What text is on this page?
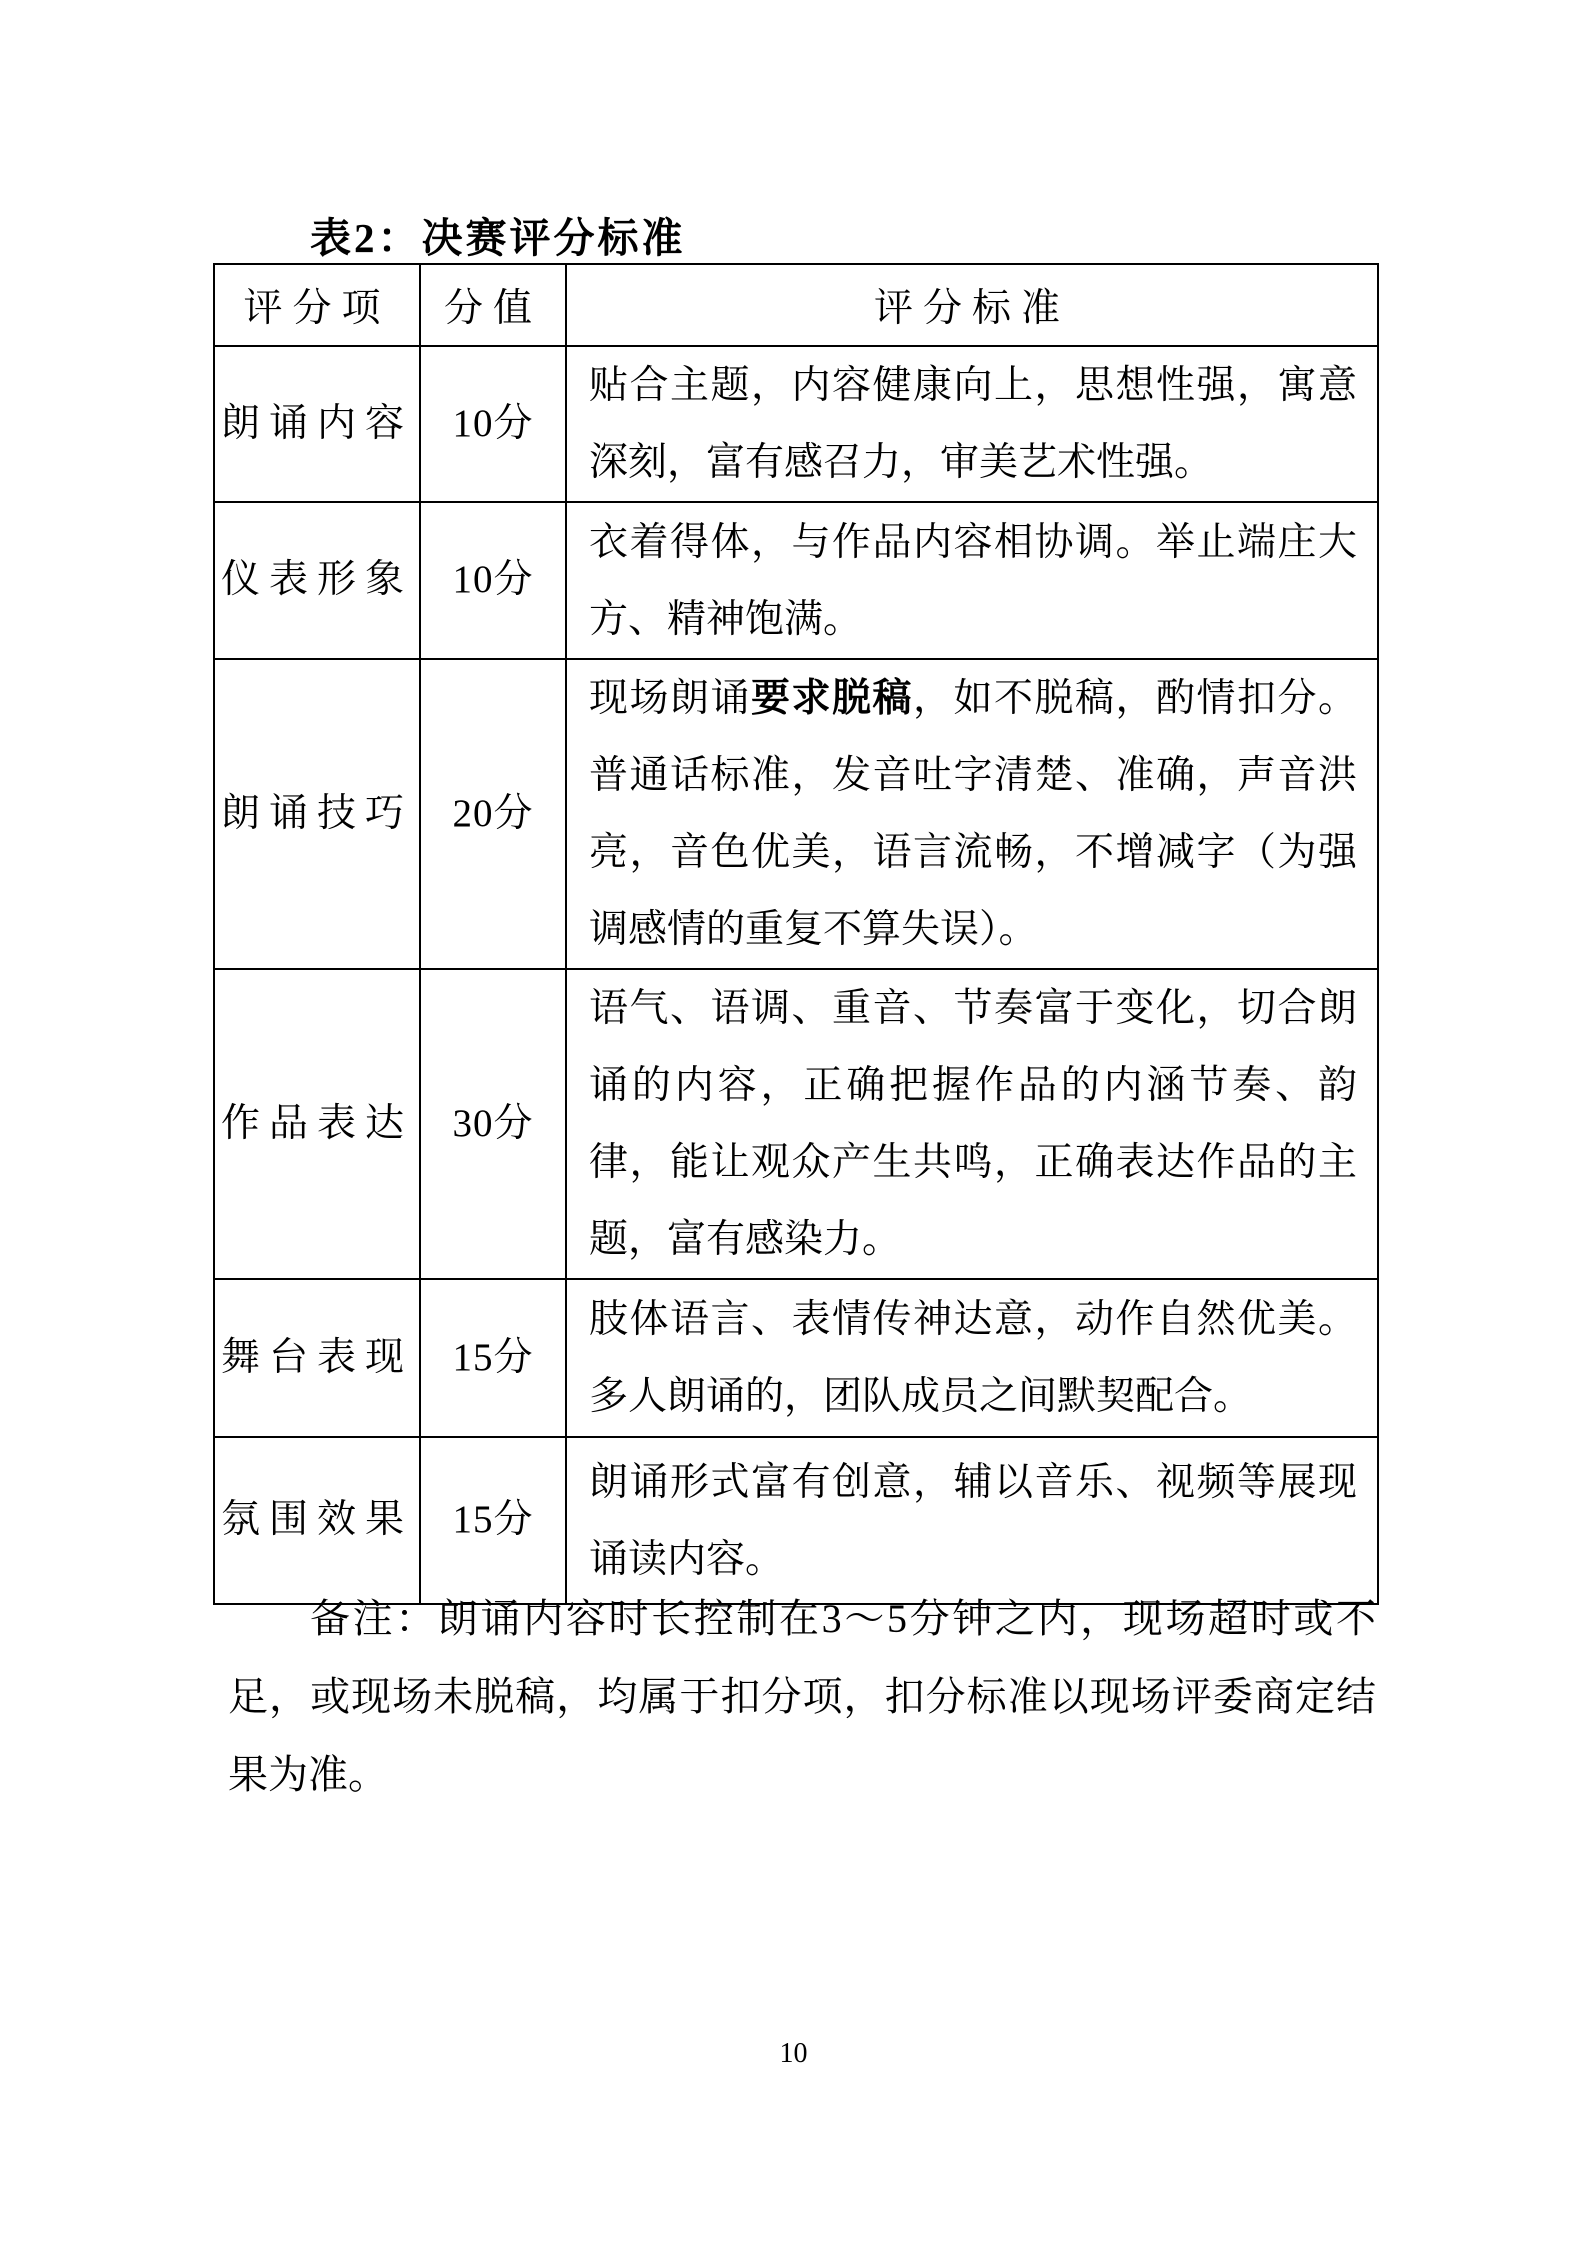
表2：决赛评分标准
评分项	分值	评分标准
朗诵内容	10分	贴合主题，内容健康向上，思想性强，寓意深刻，富有感召力，审美艺术性强。
仪表形象	10分	衣着得体，与作品内容相协调。举止端庄大方、精神饱满。
朗诵技巧	20分	现场朗诵要求脱稿，如不脱稿，酌情扣分。普通话标准，发音吐字清楚、准确，声音洪亮，音色优美，语言流畅，不增减字（为强调感情的重复不算失误）。
作品表达	30分	语气、语调、重音、节奏富于变化，切合朗诵的内容，正确把握作品的内涵节奏、韵律，能让观众产生共鸣，正确表达作品的主题，富有感染力。
舞台表现	15分	肢体语言、表情传神达意，动作自然优美。多人朗诵的，团队成员之间默契配合。
氛围效果	15分	朗诵形式富有创意，辅以音乐、视频等展现诵读内容。

备注：朗诵内容时长控制在3～5分钟之内，现场超时或不足，或现场未脱稿，均属于扣分项，扣分标准以现场评委商定结果为准。

10
